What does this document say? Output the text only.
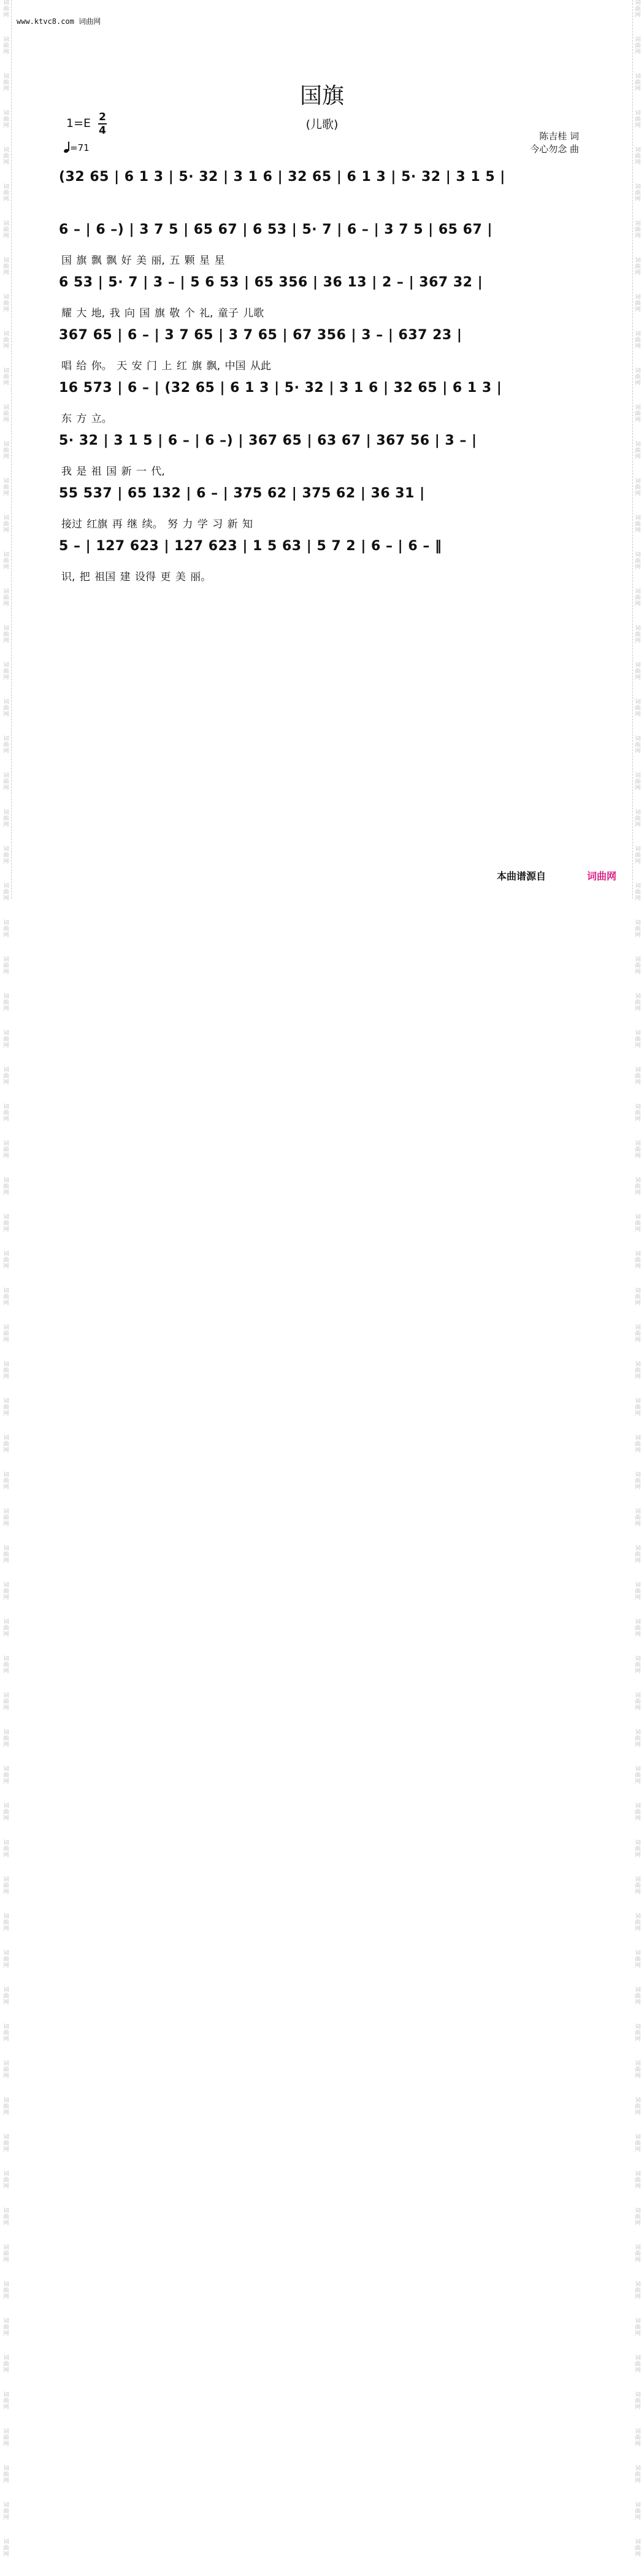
词
曲
网
词
曲
网
词
曲
网
词
曲
网
词
曲
网
词
曲
网
词
曲
网
词
曲
网
词
曲
网
词
曲
网
词
曲
网
词
曲
网
词
曲
网
词
曲
网
词
曲
网
词
曲
网
词
曲
网
词
曲
网
词
曲
网
词
曲
网
词
曲
网
词
曲
网
词
曲
网
词
曲
网
词
曲
网
词
曲
网
词
曲
网
词
曲
网
词
曲
网
词
曲
网
词
曲
网
词
曲
网
词
曲
网
词
曲
网
词
曲
网
词
曲
网
词
曲
网
词
曲
网
词
曲
网
词
曲
网
词
曲
网
词
曲
网
词
曲
网
词
曲
网
词
曲
网
词
曲
网
词
曲
网
词
曲
网
词
曲
网
词
曲
网
词
曲
网
词
曲
网
词
曲
网
词
曲
网
词
曲
网
词
曲
网
词
曲
网
词
曲
网
词
曲
网
词
曲
网
词
曲
网
词
曲
网
词
曲
网
词
曲
网
词
曲
网
词
曲
网
词
曲
网
词
曲
网
词
曲
网
词
曲
网
词
曲
网
词
曲
网
词
曲
网
词
曲
网
词
曲
网
词
曲
网
词
曲
网
词
曲
网
词
曲
网
词
曲
网
词
曲
网
词
曲
网
词
曲
网
词
曲
网
词
曲
网
词
曲
网
词
曲
网
词
曲
网
词
曲
网
词
曲
网
词
曲
网
词
曲
网
词
曲
网
词
曲
网
词
曲
网
词
曲
网
词
曲
网
词
曲
网
词
曲
网
词
曲
网
词
曲
网
词
曲
网
词
曲
网
词
曲
网
词
曲
网
词
曲
网
词
曲
网
词
曲
网
词
曲
网
词
曲
网
词
曲
网
词
曲
网
词
曲
网
词
曲
网
词
曲
网
词
曲
网
词
曲
网
词
曲
网
词
曲
网
词
曲
网
词
曲
网
词
曲
网
词
曲
网
词
曲
网
词
曲
网
词
曲
网
词
曲
网
词
曲
网
词
曲
网
词
曲
网
词
曲
网
词
曲
网
词
曲
网
词
曲
网
词
曲
网
词
曲
网
词
曲
网
词
曲
网
词
曲
网
词
曲
网
www.ktvc8.com 词曲网
国旗
(儿歌)
1=E 2
4
=71
陈吉桂 词
今心勿念 曲
(32 65 | 6 1 3 | 5· 32 | 3 1 6 | 32 65 | 6 1 3 | 5· 32 | 3 1 5 |
6 – | 6 –) | 3 7 5 | 65 67 | 6 53 | 5· 7 | 6 – | 3 7 5 | 65 67 |
国 旗 飘 飘 好 美 丽, 五 颗 星 星
6 53 | 5· 7 | 3 – | 5 6 53 | 65 356 | 36 13 | 2 – | 367 32 |
耀 大 地, 我 向 国 旗 敬 个 礼, 童子 儿歌
367 65 | 6 – | 3 7 65 | 3 7 65 | 67 356 | 3 – | 637 23 |
唱 给 你。 天 安 门 上 红 旗 飘, 中国 从此
16 573 | 6 – | (32 65 | 6 1 3 | 5· 32 | 3 1 6 | 32 65 | 6 1 3 |
东 方 立。
5· 32 | 3 1 5 | 6 – | 6 –) | 367 65 | 63 67 | 367 56 | 3 – |
我 是 祖 国 新 一 代,
55 537 | 65 132 | 6 – | 375 62 | 375 62 | 36 31 |
接过 红旗 再 继 续。 努 力 学 习 新 知
5 – | 127 623 | 127 623 | 1 5 63 | 5 7 2 | 6 – | 6 – ‖
识, 把 祖国 建 设得 更 美 丽。
本曲谱源自	词曲网
